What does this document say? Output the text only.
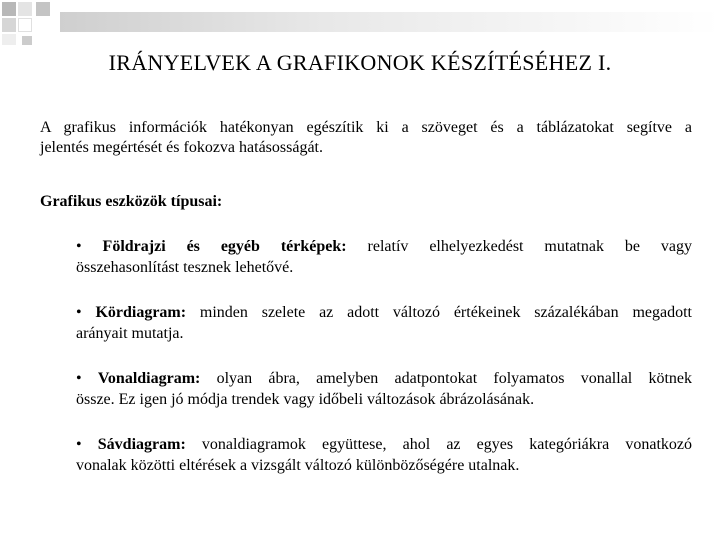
IRÁNYELVEK A GRAFIKONOK KÉSZÍTÉSÉHEZ I.
A grafikus információk hatékonyan egészítik ki a szöveget és a táblázatokat segítve a
jelentés megértését és fokozva hatásosságát.
Grafikus eszközök típusai:
• Földrajzi és egyéb térképek: relatív elhelyezkedést mutatnak be vagy
összehasonlítást tesznek lehetővé.
• Kördiagram: minden szelete az adott változó értékeinek százalékában megadott
arányait mutatja.
• Vonaldiagram: olyan ábra, amelyben adatpontokat folyamatos vonallal kötnek
össze. Ez igen jó módja trendek vagy időbeli változások ábrázolásának.
• Sávdiagram: vonaldiagramok együttese, ahol az egyes kategóriákra vonatkozó
vonalak közötti eltérések a vizsgált változó különbözőségére utalnak.
